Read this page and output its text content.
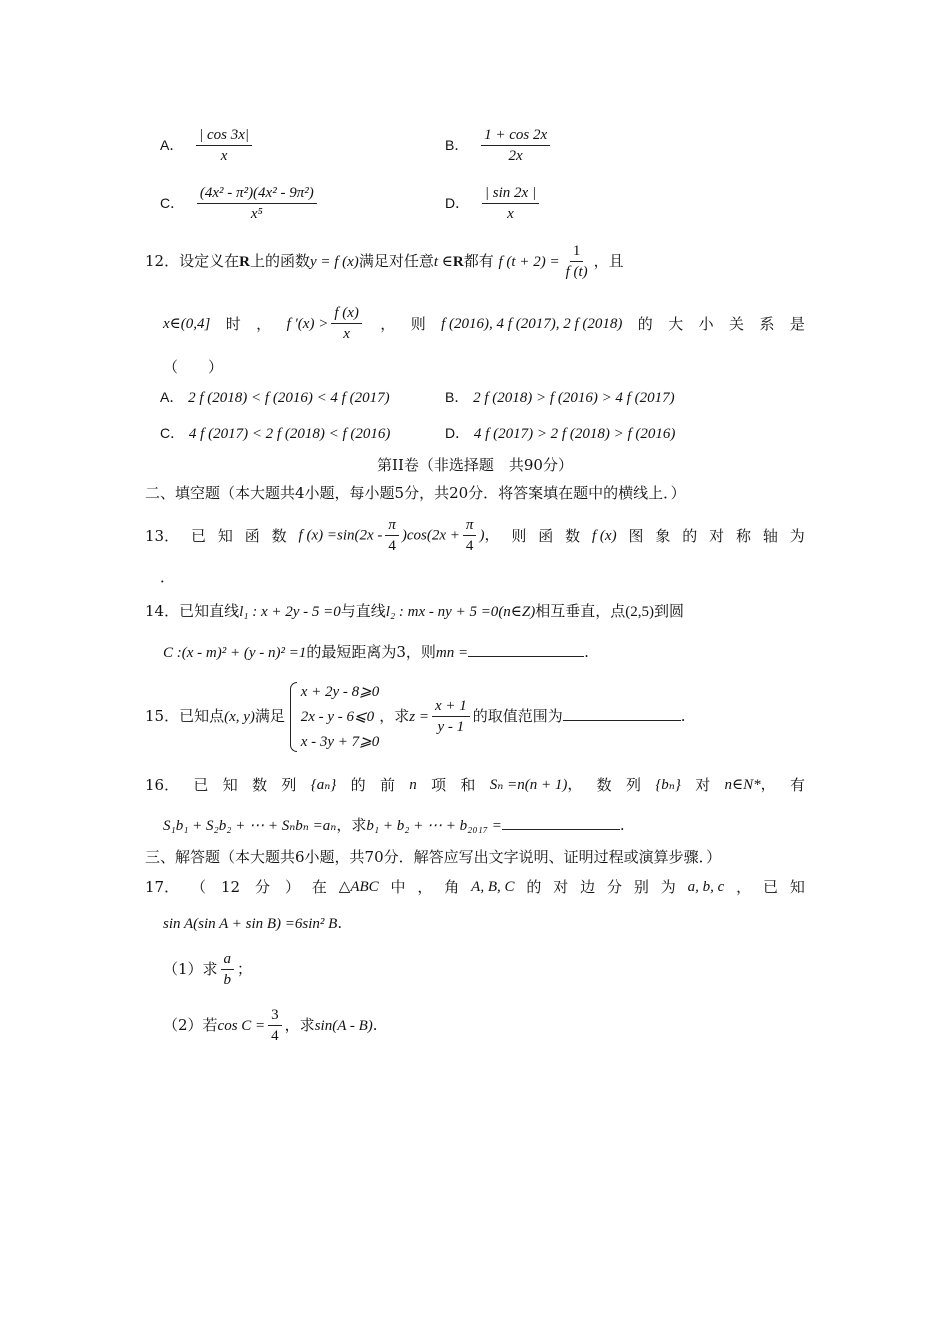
A． $\frac{| \cos 3x|}{x}$	B． $\frac{1 + \cos 2x}{2x}$
C． $\frac{\text{(4x² - π²)(4x² - 9π²)}}{\text{x⁵}}$	D． $\frac{| \sin 2x |}{x}$
12．设定义在R上的函数y = f (x)满足对任意t ∈R都有 f $(t + 2) = \frac{1}{f (t)}$ ，且
x∈(0,4] 时 ， f $'(x) > \frac{f (x)}{x}$ ， 则 f (2016), 4 f (2017), 2 f (2018) 的 大 小 关 系 是
（　　）
A． 2 f (2018) < f (2016) < 4 f (2017)	B． 2 f (2018) > f (2016) > 4 f (2017)
C． 4 f (2017) < 2 f (2018) < f (2016)	D． 4 f (2017) > 2 f (2018) > f (2016)
第II卷（非选择题　共90分）
二、填空题（本大题共4小题，每小题5分，共20分．将答案填在题中的横线上．）
13． 已 知 函 数 f $(x) =\sin(2x - \frac{\pi}{4} )\cos(2x + \frac{\pi}{4}$ )， 则 函 数 f (x) 图 象 的 对 称 轴 为
．
14．已知直线l₁ : x + 2y - 5 =0与直线l₂ : mx - ny + 5 =0(n∈Z)相互垂直，点(2,5)到圆
C :(x - m)² + (y - n)² =1的最短距离为3，则mn =	.
15．已知点(x, y)满足
x + 2y - 8⩾0
2x - y - 6⩽0
x - 3y + 7⩾0
，求$z = \frac{x + 1}{y - 1}$ 的取值范围为	.
16． 已 知 数 列 {aₙ} 的 前 n 项 和 Sₙ =n(n + 1)， 数 列 {bₙ} 对 n∈N*， 有
S₁b₁ + S₂b₂ + ⋯ + Sₙbₙ =aₙ，求b₁ + b₂ + ⋯ + b₂₀₁₇ =	.
三、解答题（本大题共6小题，共70分．解答应写出文字说明、证明过程或演算步骤．）
17． （　12　分　） 在 △ABC 中 ， 角 A, B, C 的 对 边 分 别 为 a, b, c ， 已 知
sin A(sin A + sin B) =6sin² B.
（1）求 $\frac{a}{b}$ ；
（2）若$\cos C = \frac{3}{4}$ ，求sin(A - B).
